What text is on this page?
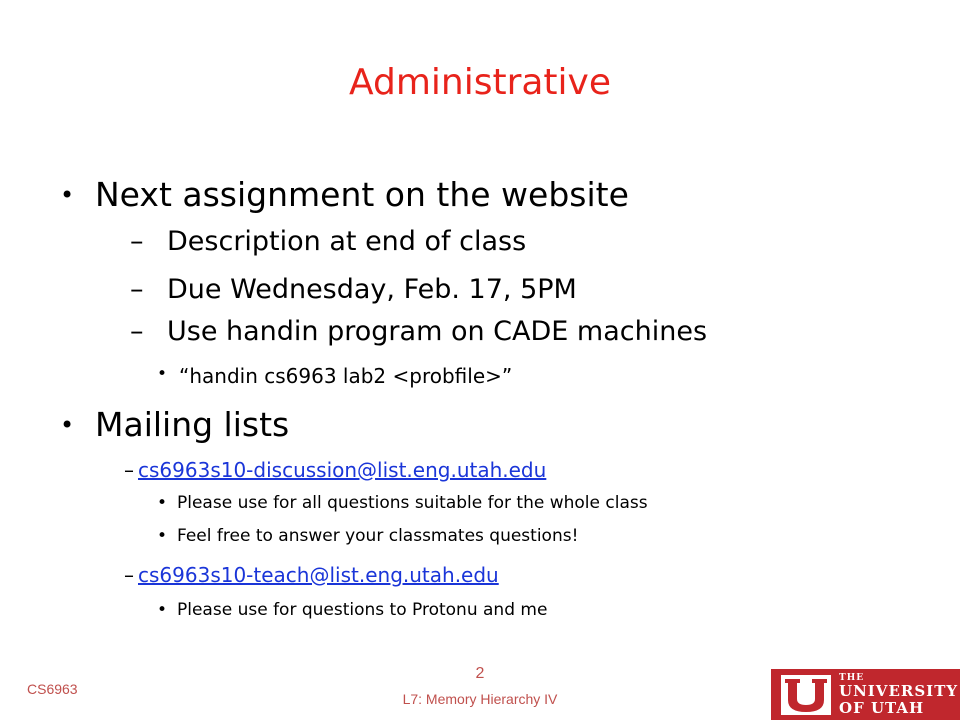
Administrative
• Next assignment on the website
– Description at end of class
– Due Wednesday, Feb. 17, 5PM
– Use handin program on CADE machines
• “handin cs6963 lab2 <probfile>”
• Mailing lists
– cs6963s10-discussion@list.eng.utah.edu
• Please use for all questions suitable for the whole class
• Feel free to answer your classmates questions!
– cs6963s10-teach@list.eng.utah.edu
• Please use for questions to Protonu and me
CS6963
2
L7: Memory Hierarchy IV
THE
UNIVERSITY
OF UTAH
